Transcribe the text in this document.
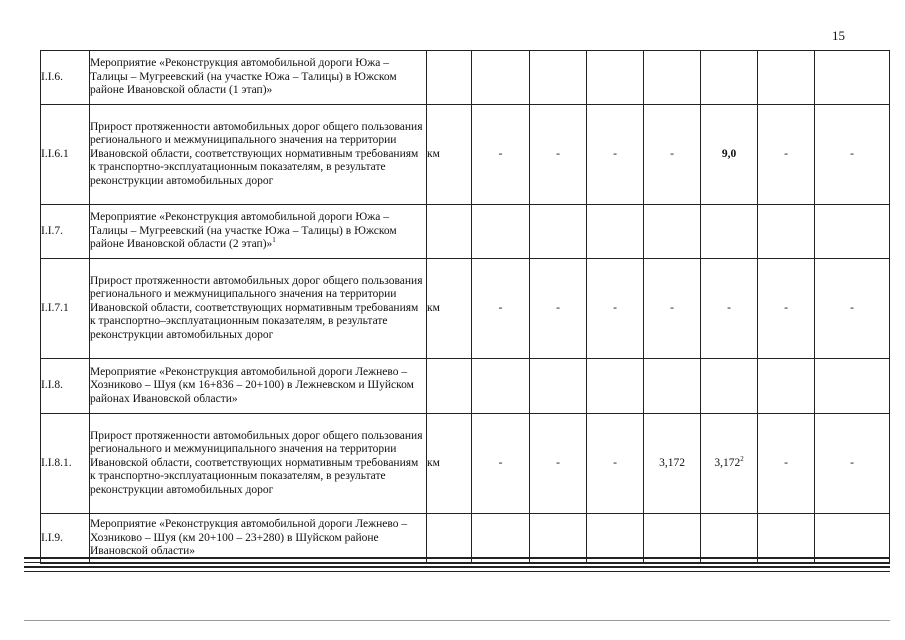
15
I.I.6.	Мероприятие «Реконструкция автомобильной дороги Южа – Талицы – Мугреевский (на участке Южа – Талицы) в Южском районе Ивановской области (1 этап)»								
I.I.6.1	Прирост протяженности автомобильных дорог общего пользования регионального и межмуниципального значения на территории Ивановской области, соответствующих нормативным требованиям к транспортно-эксплуатационным показателям, в результате реконструкции автомобильных дорог	км	-	-	-	-	9,0	-	-
I.I.7.	Мероприятие «Реконструкция автомобильной дороги Южа – Талицы – Мугреевский (на участке Южа – Талицы) в Южском районе Ивановской области (2 этап)»$^1$								
I.I.7.1	Прирост протяженности автомобильных дорог общего пользования регионального и межмуниципального значения на территории Ивановской области, соответствующих нормативным требованиям к транспортно–эксплуатационным показателям, в результате реконструкции автомобильных дорог	км	-	-	-	-	-	-	-
I.I.8.	Мероприятие «Реконструкция автомобильной дороги Лежнево – Хозниково – Шуя (км 16+836 – 20+100) в Лежневском и Шуйском районах Ивановской области»								
I.I.8.1.	Прирост протяженности автомобильных дорог общего пользования регионального и межмуниципального значения на территории Ивановской области, соответствующих нормативным требованиям к транспортно-эксплуатационным показателям, в результате реконструкции автомобильных дорог	км	-	-	-	3,172	3,172$^2$	-	-
I.I.9.	Мероприятие «Реконструкция автомобильной дороги Лежнево – Хозниково – Шуя (км 20+100 – 23+280) в Шуйском районе Ивановской области»								
